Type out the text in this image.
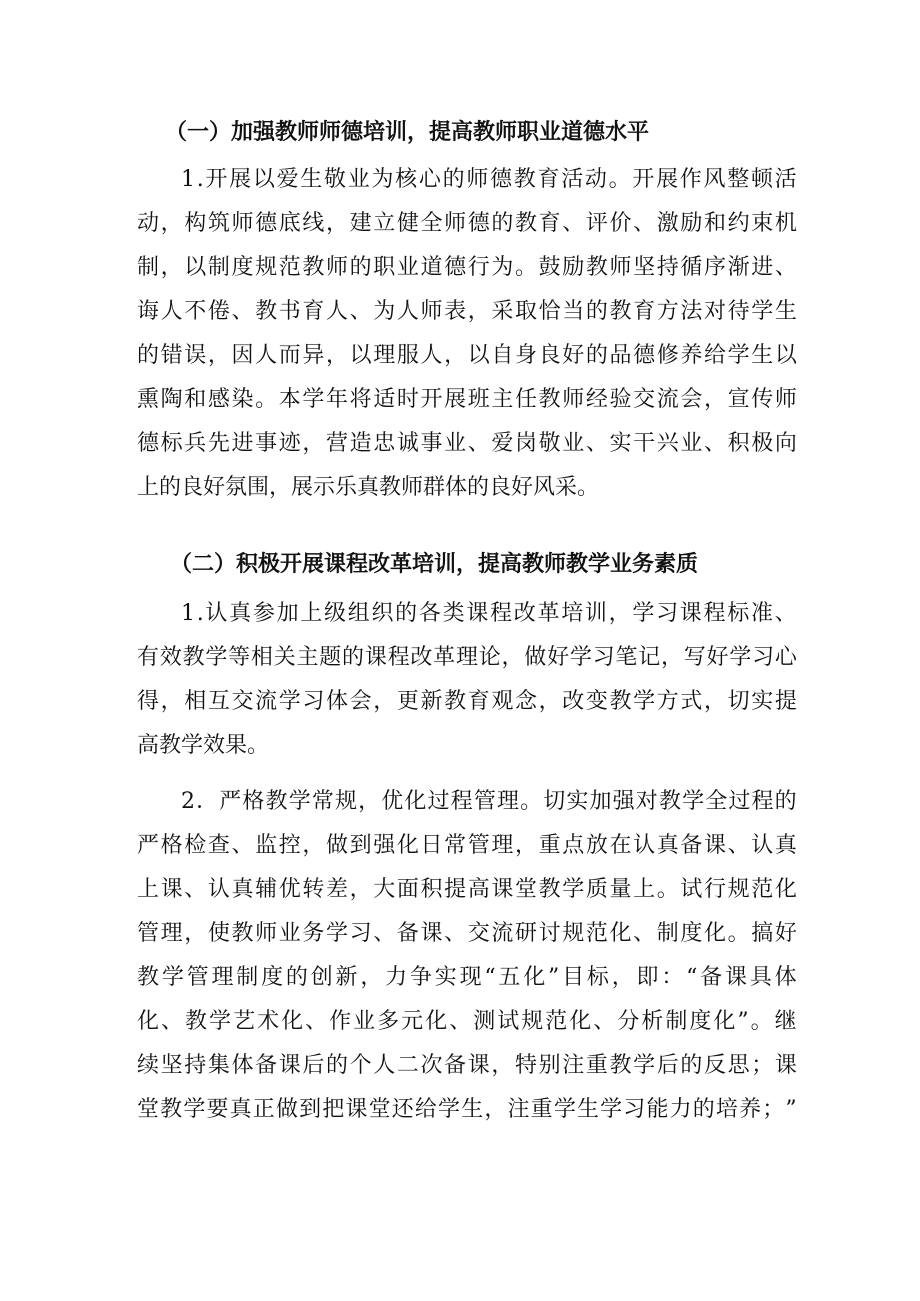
（一）加强教师师德培训，提高教师职业道德水平
1 . 开 展 以 爱 生 敬 业 为 核 心 的 师 德 教 育 活 动 。 开 展 作 风 整 顿 活
动 ， 构 筑 师 德 底 线 ， 建 立 健 全 师 德 的 教 育 、 评 价 、 激 励 和 约 束 机
制 ， 以 制 度 规 范 教 师 的 职 业 道 德 行 为 。 鼓 励 教 师 坚 持 循 序 渐 进 、
诲 人 不 倦 、 教 书 育 人 、 为 人 师 表 ， 采 取 恰 当 的 教 育 方 法 对 待 学 生
的 错 误 ， 因 人 而 异 ， 以 理 服 人 ， 以 自 身 良 好 的 品 德 修 养 给 学 生 以
熏 陶 和 感 染 。 本 学 年 将 适 时 开 展 班 主 任 教 师 经 验 交 流 会 ， 宣 传 师
德 标 兵 先 进 事 迹 ， 营 造 忠 诚 事 业 、 爱 岗 敬 业 、 实 干 兴 业 、 积 极 向
上的良好氛围，展示乐真教师群体的良好风采。
（二）积极开展课程改革培训，提高教师教学业务素质
1 . 认 真 参 加 上 级 组 织 的 各 类 课 程 改 革 培 训 ， 学 习 课 程 标 准 、
有 效 教 学 等 相 关 主 题 的 课 程 改 革 理 论 ， 做 好 学 习 笔 记 ， 写 好 学 习 心
得 ， 相 互 交 流 学 习 体 会 ， 更 新 教 育 观 念 ， 改 变 教 学 方 式 ， 切 实 提
高教学效果。
2 ． 严 格 教 学 常 规 ， 优 化 过 程 管 理 。 切 实 加 强 对 教 学 全 过 程 的
严 格 检 查 、 监 控 ， 做 到 强 化 日 常 管 理 ， 重 点 放 在 认 真 备 课 、 认 真
上 课 、 认 真 辅 优 转 差 ， 大 面 积 提 高 课 堂 教 学 质 量 上 。 试 行 规 范 化
管 理 ， 使 教 师 业 务 学 习 、 备 课 、 交 流 研 讨 规 范 化 、 制 度 化 。 搞 好
教 学 管 理 制 度 的 创 新 ， 力 争 实 现 “ 五 化 ” 目 标 ， 即 ： “ 备 课 具 体
化 、 教 学 艺 术 化 、 作 业 多 元 化 、 测 试 规 范 化 、 分 析 制 度 化 ” 。 继
续 坚 持 集 体 备 课 后 的 个 人 二 次 备 课 ， 特 别 注 重 教 学 后 的 反 思 ； 课
堂 教 学 要 真 正 做 到 把 课 堂 还 给 学 生 ， 注 重 学 生 学 习 能 力 的 培 养 ； ”
